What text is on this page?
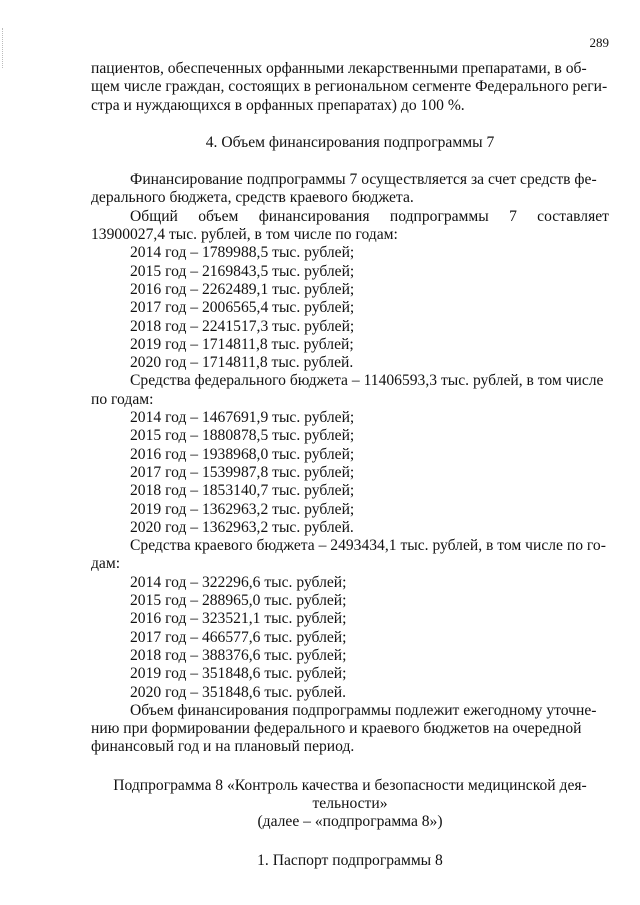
289

пациентов, обеспеченных орфанными лекарственными препаратами, в об-

щем числе граждан, состоящих в региональном сегменте Федерального реги-

стра и нуждающихся в орфанных препаратах) до 100 %.

4. Объем финансирования подпрограммы 7

Финансирование подпрограммы 7 осуществляется за счет средств фе-

дерального бюджета, средств краевого бюджета.

Общий объем финансирования подпрограммы 7 составляет

13900027,4 тыс. рублей, в том числе по годам:

2014 год – 1789988,5 тыс. рублей;

2015 год – 2169843,5 тыс. рублей;

2016 год – 2262489,1 тыс. рублей;

2017 год – 2006565,4 тыс. рублей;

2018 год – 2241517,3 тыс. рублей;

2019 год – 1714811,8 тыс. рублей;

2020 год – 1714811,8 тыс. рублей.

Средства федерального бюджета – 11406593,3 тыс. рублей, в том числе

по годам:

2014 год – 1467691,9 тыс. рублей;

2015 год – 1880878,5 тыс. рублей;

2016 год – 1938968,0 тыс. рублей;

2017 год – 1539987,8 тыс. рублей;

2018 год – 1853140,7 тыс. рублей;

2019 год – 1362963,2 тыс. рублей;

2020 год – 1362963,2 тыс. рублей.

Средства краевого бюджета – 2493434,1 тыс. рублей, в том числе по го-

дам:

2014 год – 322296,6 тыс. рублей;

2015 год – 288965,0 тыс. рублей;

2016 год – 323521,1 тыс. рублей;

2017 год – 466577,6 тыс. рублей;

2018 год – 388376,6 тыс. рублей;

2019 год – 351848,6 тыс. рублей;

2020 год – 351848,6 тыс. рублей.

Объем финансирования подпрограммы подлежит ежегодному уточне-

нию при формировании федерального и краевого бюджетов на очередной

финансовый год и на плановый период.

Подпрограмма 8 «Контроль качества и безопасности медицинской дея-

тельности»

(далее – «подпрограмма 8»)

1. Паспорт подпрограммы 8
